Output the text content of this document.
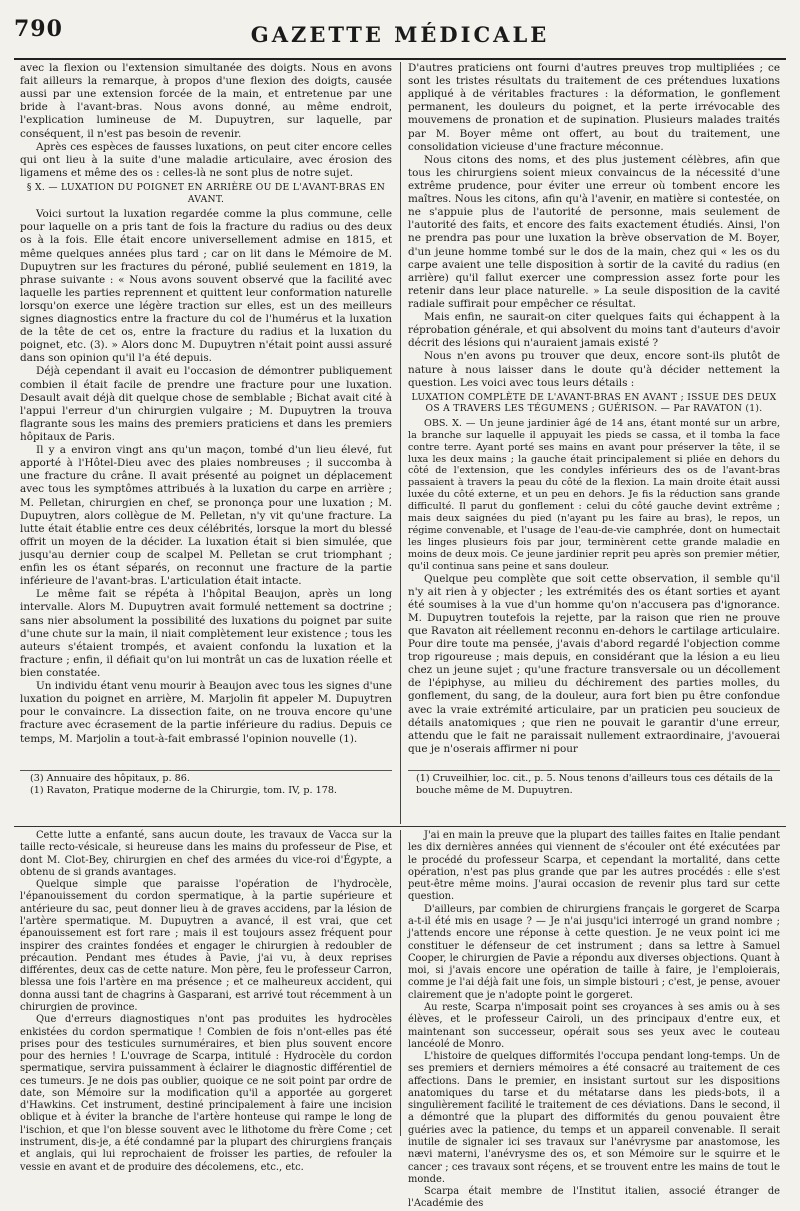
790	GAZETTE MÉDICALE

avec la flexion ou l'extension simultanée des doigts. Nous en avons fait ailleurs la remarque, à propos d'une flexion des doigts, causée aussi par une extension forcée de la main, et entretenue par une bride à l'avant-bras. Nous avons donné, au même endroit, l'explication lumineuse de M. Dupuytren, sur laquelle, par conséquent, il n'est pas besoin de revenir.

Après ces espèces de fausses luxations, on peut citer encore celles qui ont lieu à la suite d'une maladie articulaire, avec érosion des ligamens et même des os : celles-là ne sont plus de notre sujet.

§ X. — LUXATION DU POIGNET EN ARRIÈRE OU DE L'AVANT-BRAS EN AVANT.

Voici surtout la luxation regardée comme la plus commune, celle pour laquelle on a pris tant de fois la fracture du radius ou des deux os à la fois. Elle était encore universellement admise en 1815, et même quelques années plus tard ; car on lit dans le Mémoire de M. Dupuytren sur les fractures du péroné, publié seulement en 1819, la phrase suivante : « Nous avons souvent observé que la facilité avec laquelle les parties reprennent et quittent leur conformation naturelle lorsqu'on exerce une légère traction sur elles, est un des meilleurs signes diagnostics entre la fracture du col de l'humérus et la luxation de la tête de cet os, entre la fracture du radius et la luxation du poignet, etc. (3). » Alors donc M. Dupuytren n'était point aussi assuré dans son opinion qu'il l'a été depuis.

Déjà cependant il avait eu l'occasion de démontrer publiquement combien il était facile de prendre une fracture pour une luxation. Desault avait déjà dit quelque chose de semblable ; Bichat avait cité à l'appui l'erreur d'un chirurgien vulgaire ; M. Dupuytren la trouva flagrante sous les mains des premiers praticiens et dans les premiers hôpitaux de Paris.

Il y a environ vingt ans qu'un maçon, tombé d'un lieu élevé, fut apporté à l'Hôtel-Dieu avec des plaies nombreuses ; il succomba à une fracture du crâne. Il avait présenté au poignet un déplacement avec tous les symptômes attribués à la luxation du carpe en arrière ; M. Pelletan, chirurgien en chef, se prononça pour une luxation ; M. Dupuytren, alors collègue de M. Pelletan, n'y vit qu'une fracture. La lutte était établie entre ces deux célébrités, lorsque la mort du blessé offrit un moyen de la décider. La luxation était si bien simulée, que jusqu'au dernier coup de scalpel M. Pelletan se crut triomphant ; enfin les os étant séparés, on reconnut une fracture de la partie inférieure de l'avant-bras. L'articulation était intacte.

Le même fait se répéta à l'hôpital Beaujon, après un long intervalle. Alors M. Dupuytren avait formulé nettement sa doctrine ; sans nier absolument la possibilité des luxations du poignet par suite d'une chute sur la main, il niait complètement leur existence ; tous les auteurs s'étaient trompés, et avaient confondu la luxation et la fracture ; enfin, il défiait qu'on lui montrât un cas de luxation réelle et bien constatée.

Un individu étant venu mourir à Beaujon avec tous les signes d'une luxation du poignet en arrière, M. Marjolin fit appeler M. Dupuytren pour le convaincre. La dissection faite, on ne trouva encore qu'une fracture avec écrasement de la partie inférieure du radius. Depuis ce temps, M. Marjolin a tout-à-fait embrassé l'opinion nouvelle (1).

(3) Annuaire des hôpitaux, p. 86.
(1) Ravaton, Pratique moderne de la Chirurgie, tom. IV, p. 178.

D'autres praticiens ont fourni d'autres preuves trop multipliées ; ce sont les tristes résultats du traitement de ces prétendues luxations appliqué à de véritables fractures : la déformation, le gonflement permanent, les douleurs du poignet, et la perte irrévocable des mouvemens de pronation et de supination. Plusieurs malades traités par M. Boyer même ont offert, au bout du traitement, une consolidation vicieuse d'une fracture méconnue.

Nous citons des noms, et des plus justement célèbres, afin que tous les chirurgiens soient mieux convaincus de la nécessité d'une extrême prudence, pour éviter une erreur où tombent encore les maîtres. Nous les citons, afin qu'à l'avenir, en matière si contestée, on ne s'appuie plus de l'autorité de personne, mais seulement de l'autorité des faits, et encore des faits exactement étudiés. Ainsi, l'on ne prendra pas pour une luxation la brève observation de M. Boyer, d'un jeune homme tombé sur le dos de la main, chez qui « les os du carpe avaient une telle disposition à sortir de la cavité du radius (en arrière) qu'il fallut exercer une compression assez forte pour les retenir dans leur place naturelle. » La seule disposition de la cavité radiale suffirait pour empêcher ce résultat.

Mais enfin, ne saurait-on citer quelques faits qui échappent à la réprobation générale, et qui absolvent du moins tant d'auteurs d'avoir décrit des lésions qui n'auraient jamais existé ?

Nous n'en avons pu trouver que deux, encore sont-ils plutôt de nature à nous laisser dans le doute qu'à décider nettement la question. Les voici avec tous leurs détails :

LUXATION COMPLÈTE DE L'AVANT-BRAS EN AVANT ; ISSUE DES DEUX OS A TRAVERS LES TÉGUMENS ; GUÉRISON. — Par RAVATON (1).

OBS. X. — Un jeune jardinier âgé de 14 ans, étant monté sur un arbre, la branche sur laquelle il appuyait les pieds se cassa, et il tomba la face contre terre. Ayant porté ses mains en avant pour préserver la tête, il se luxa les deux mains ; la gauche était principalement si pliée en dehors du côté de l'extension, que les condyles inférieurs des os de l'avant-bras passaient à travers la peau du côté de la flexion. La main droite était aussi luxée du côté externe, et un peu en dehors. Je fis la réduction sans grande difficulté. Il parut du gonflement : celui du côté gauche devint extrême ; mais deux saignées du pied (n'ayant pu les faire au bras), le repos, un régime convenable, et l'usage de l'eau-de-vie camphrée, dont on humectait les linges plusieurs fois par jour, terminèrent cette grande maladie en moins de deux mois. Ce jeune jardinier reprit peu après son premier métier, qu'il continua sans peine et sans douleur.

Quelque peu complète que soit cette observation, il semble qu'il n'y ait rien à y objecter ; les extrémités des os étant sorties et ayant été soumises à la vue d'un homme qu'on n'accusera pas d'ignorance. M. Dupuytren toutefois la rejette, par la raison que rien ne prouve que Ravaton ait réellement reconnu en-dehors le cartilage articulaire. Pour dire toute ma pensée, j'avais d'abord regardé l'objection comme trop rigoureuse ; mais depuis, en considérant que la lésion a eu lieu chez un jeune sujet ; qu'une fracture transversale ou un décollement de l'épiphyse, au milieu du déchirement des parties molles, du gonflement, du sang, de la douleur, aura fort bien pu être confondue avec la vraie extrémité articulaire, par un praticien peu soucieux de détails anatomiques ; que rien ne pouvait le garantir d'une erreur, attendu que le fait ne paraissait nullement extraordinaire, j'avouerai que je n'oserais affirmer ni pour

(1) Cruveilhier, loc. cit., p. 5. Nous tenons d'ailleurs tous ces détails de la bouche même de M. Dupuytren.

Cette lutte a enfanté, sans aucun doute, les travaux de Vacca sur la taille recto-vésicale, si heureuse dans les mains du professeur de Pise, et dont M. Clot-Bey, chirurgien en chef des armées du vice-roi d'Égypte, a obtenu de si grands avantages.

Quelque simple que paraisse l'opération de l'hydrocèle, l'épanouissement du cordon spermatique, à la partie supérieure et antérieure du sac, peut donner lieu à de graves accidens, par la lésion de l'artère spermatique. M. Dupuytren a avancé, il est vrai, que cet épanouissement est fort rare ; mais il est toujours assez fréquent pour inspirer des craintes fondées et engager le chirurgien à redoubler de précaution. Pendant mes études à Pavie, j'ai vu, à deux reprises différentes, deux cas de cette nature. Mon père, feu le professeur Carron, blessa une fois l'artère en ma présence ; et ce malheureux accident, qui donna aussi tant de chagrins à Gasparani, est arrivé tout récemment à un chirurgien de province.

Que d'erreurs diagnostiques n'ont pas produites les hydrocèles enkistées du cordon spermatique ! Combien de fois n'ont-elles pas été prises pour des testicules surnuméraires, et bien plus souvent encore pour des hernies ! L'ouvrage de Scarpa, intitulé : Hydrocèle du cordon spermatique, servira puissamment à éclairer le diagnostic différentiel de ces tumeurs. Je ne dois pas oublier, quoique ce ne soit point par ordre de date, son Mémoire sur la modification qu'il a apportée au gorgeret d'Hawkins. Cet instrument, destiné principalement à faire une incision oblique et à éviter la branche de l'artère honteuse qui rampe le long de l'ischion, et que l'on blesse souvent avec le lithotome du frère Come ; cet instrument, dis-je, a été condamné par la plupart des chirurgiens français et anglais, qui lui reprochaient de froisser les parties, de refouler la vessie en avant et de produire des décolemens, etc., etc.

J'ai en main la preuve que la plupart des tailles faites en Italie pendant les dix dernières années qui viennent de s'écouler ont été exécutées par le procédé du professeur Scarpa, et cependant la mortalité, dans cette opération, n'est pas plus grande que par les autres procédés : elle s'est peut-être même moins. J'aurai occasion de revenir plus tard sur cette question.

D'ailleurs, par combien de chirurgiens français le gorgeret de Scarpa a-t-il été mis en usage ? — Je n'ai jusqu'ici interrogé un grand nombre ; j'attends encore une réponse à cette question. Je ne veux point ici me constituer le défenseur de cet instrument ; dans sa lettre à Samuel Cooper, le chirurgien de Pavie a répondu aux diverses objections. Quant à moi, si j'avais encore une opération de taille à faire, je l'emploierais, comme je l'ai déjà fait une fois, un simple bistouri ; c'est, je pense, avouer clairement que je n'adopte point le gorgeret.

Au reste, Scarpa n'imposait point ses croyances à ses amis ou à ses élèves, et le professeur Cairoli, un des principaux d'entre eux, et maintenant son successeur, opérait sous ses yeux avec le couteau lancéolé de Monro.

L'histoire de quelques difformités l'occupa pendant long-temps. Un de ses premiers et derniers mémoires a été consacré au traitement de ces affections. Dans le premier, en insistant surtout sur les dispositions anatomiques du tarse et du métatarse dans les pieds-bots, il a singulièrement facilité le traitement de ces déviations. Dans le second, il a démontré que la plupart des difformités du genou pouvaient être guéries avec la patience, du temps et un appareil convenable. Il serait inutile de signaler ici ses travaux sur l'anévrysme par anastomose, les nævi materni, l'anévrysme des os, et son Mémoire sur le squirre et le cancer ; ces travaux sont réçens, et se trouvent entre les mains de tout le monde.

Scarpa était membre de l'Institut italien, associé étranger de l'Académie des
